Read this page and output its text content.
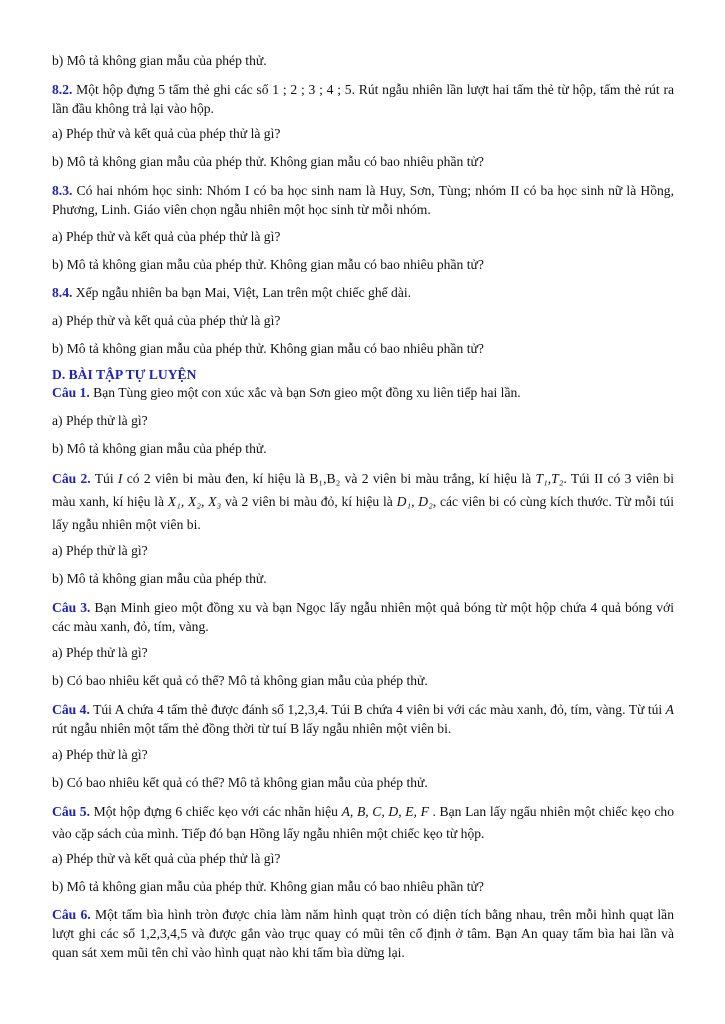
b) Mô tả không gian mẫu của phép thử.
8.2. Một hộp đựng 5 tấm thẻ ghi các số 1 ; 2 ; 3 ; 4 ; 5. Rút ngẫu nhiên lần lượt hai tấm thẻ từ hộp, tấm thẻ rút ra lần đầu không trả lại vào hộp.
a) Phép thử và kết quả của phép thử là gì?
b) Mô tả không gian mẫu của phép thử. Không gian mẫu có bao nhiêu phần tử?
8.3. Có hai nhóm học sinh: Nhóm I có ba học sinh nam là Huy, Sơn, Tùng; nhóm II có ba học sinh nữ là Hồng, Phương, Linh. Giáo viên chọn ngẫu nhiên một học sinh từ mỗi nhóm.
a) Phép thử và kết quả của phép thử là gì?
b) Mô tả không gian mẫu của phép thử. Không gian mẫu có bao nhiêu phần tử?
8.4. Xếp ngẫu nhiên ba bạn Mai, Việt, Lan trên một chiếc ghế dài.
a) Phép thử và kết quả của phép thử là gì?
b) Mô tả không gian mẫu của phép thử. Không gian mẫu có bao nhiêu phần tử?
D. BÀI TẬP TỰ LUYỆN
Câu 1. Bạn Tùng gieo một con xúc xắc và bạn Sơn gieo một đồng xu liên tiếp hai lần.
a) Phép thử là gì?
b) Mô tả không gian mẫu của phép thử.
Câu 2. Túi I có 2 viên bi màu đen, kí hiệu là B₁,B₂ và 2 viên bi màu trắng, kí hiệu là T₁,T₂. Túi II có 3 viên bi màu xanh, kí hiệu là X₁, X₂, X₃ và 2 viên bi màu đỏ, kí hiệu là D₁, D₂, các viên bi có cùng kích thước. Từ mỗi túi lấy ngẫu nhiên một viên bi.
a) Phép thử là gì?
b) Mô tả không gian mẫu của phép thử.
Câu 3. Bạn Minh gieo một đồng xu và bạn Ngọc lấy ngẫu nhiên một quả bóng từ một hộp chứa 4 quả bóng với các màu xanh, đỏ, tím, vàng.
a) Phép thử là gì?
b) Có bao nhiêu kết quả có thể? Mô tả không gian mẫu của phép thử.
Câu 4. Túi A chứa 4 tấm thẻ được đánh số 1,2,3,4. Túi B chứa 4 viên bi với các màu xanh, đỏ, tím, vàng. Từ túi A rút ngẫu nhiên một tấm thẻ đồng thời từ tuí B lấy ngẫu nhiên một viên bi.
a) Phép thử là gì?
b) Có bao nhiêu kết quả có thể? Mô tả không gian mẫu của phép thử.
Câu 5. Một hộp đựng 6 chiếc kẹo với các nhãn hiệu A, B, C, D, E, F . Bạn Lan lấy ngẩu nhiên một chiếc kẹo cho vào cặp sách của mình. Tiếp đó bạn Hồng lấy ngẫu nhiên một chiếc kẹo từ hộp.
a) Phép thử và kết quả của phép thử là gì?
b) Mô tả không gian mẫu của phép thử. Không gian mẫu có bao nhiêu phần tử?
Câu 6. Một tấm bìa hình tròn được chia làm năm hình quạt tròn có diện tích bằng nhau, trên mỗi hình quạt lần lượt ghi các số 1,2,3,4,5 và được gắn vào trục quay có mũi tên cố định ở tâm. Bạn An quay tấm bìa hai lần và quan sát xem mũi tên chỉ vào hình quạt nào khi tấm bìa dừng lại.
